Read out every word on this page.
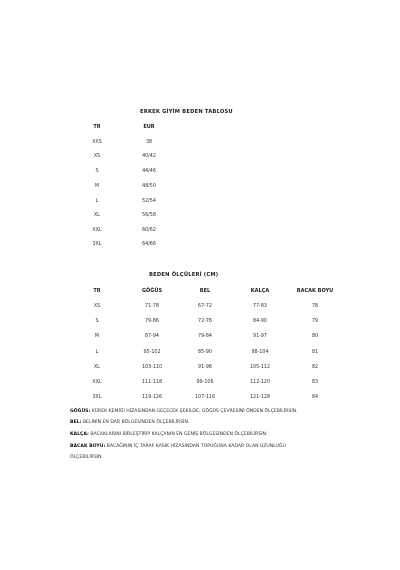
ERKEK GİYİM BEDEN TABLOSU
TR	EUR
XXS	38
XS	40/42
S	44/46
M	48/50
L	52/54
XL	56/58
XXL	60/62
3XL	64/66
BEDEN ÖLÇÜLERİ (CM)
TR	GÖĞÜS	BEL	KALÇA	BACAK BOYU
XS	71-78	67-72	77-83	78
S	79-86	72-78	84-90	79
M	87-94	79-84	91-97	80
L	95-102	85-90	98-104	81
XL	103-110	91-98	105-112	82
XXL	111-118	99-106	112-120	83
3XL	119-126	107-116	121-128	84
GÖĞÜS: KÜREK KEMİĞİ HİZASINDAN GEÇECEK ŞEKİLDE, GÖĞÜS ÇEVRESİNİ ÖNDEN ÖLÇEBİLİRSİN.
BEL: BELİNİN EN DAR BÖLGESİNDEN ÖLÇEBİLİRSİN.
KALÇA: BACAKLARINI BİRLEŞTİRİP KALÇANIN EN GENİŞ BÖLGESİNDEN ÖLÇEBİLİRSİN.
BACAK BOYU: BACAĞININ İÇ TARAF KASIK HİZASINDAN TOPUĞUNA KADAR OLAN UZUNLUĞU
ÖLÇEBİLİRSİN.
